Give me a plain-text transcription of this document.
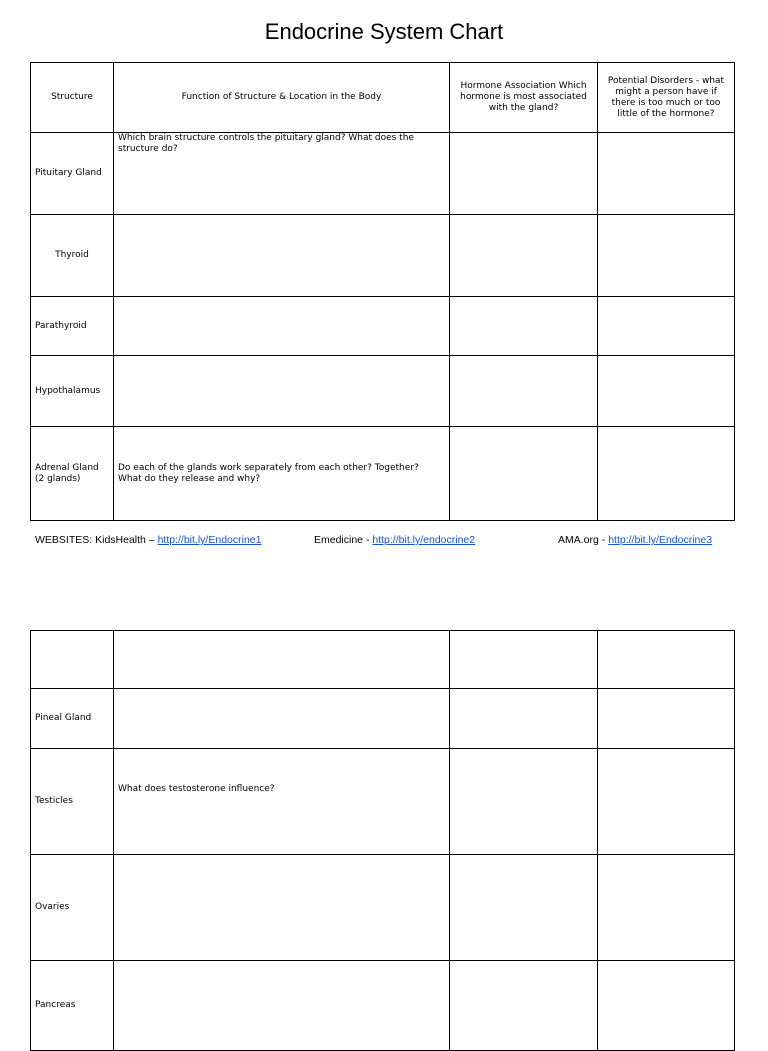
Endocrine System Chart
Structure	Function of Structure & Location in the Body	Hormone Association Which hormone is most associated with the gland?	Potential Disorders - what might a person have if there is too much or too little of the hormone?
Pituitary Gland	Which brain structure controls the pituitary gland? What does the structure do?		
Thyroid			
Parathyroid			
Hypothalamus			
Adrenal Gland (2 glands)	Do each of the glands work separately from each other? Together? What do they release and why?		
WEBSITES: KidsHealth – http://bit.ly/Endocrine1	Emedicine - http://bit.ly/endocrine2	AMA.org - http://bit.ly/Endocrine3

Pineal Gland			
Testicles	What does testosterone influence?		
Ovaries			
Pancreas			
